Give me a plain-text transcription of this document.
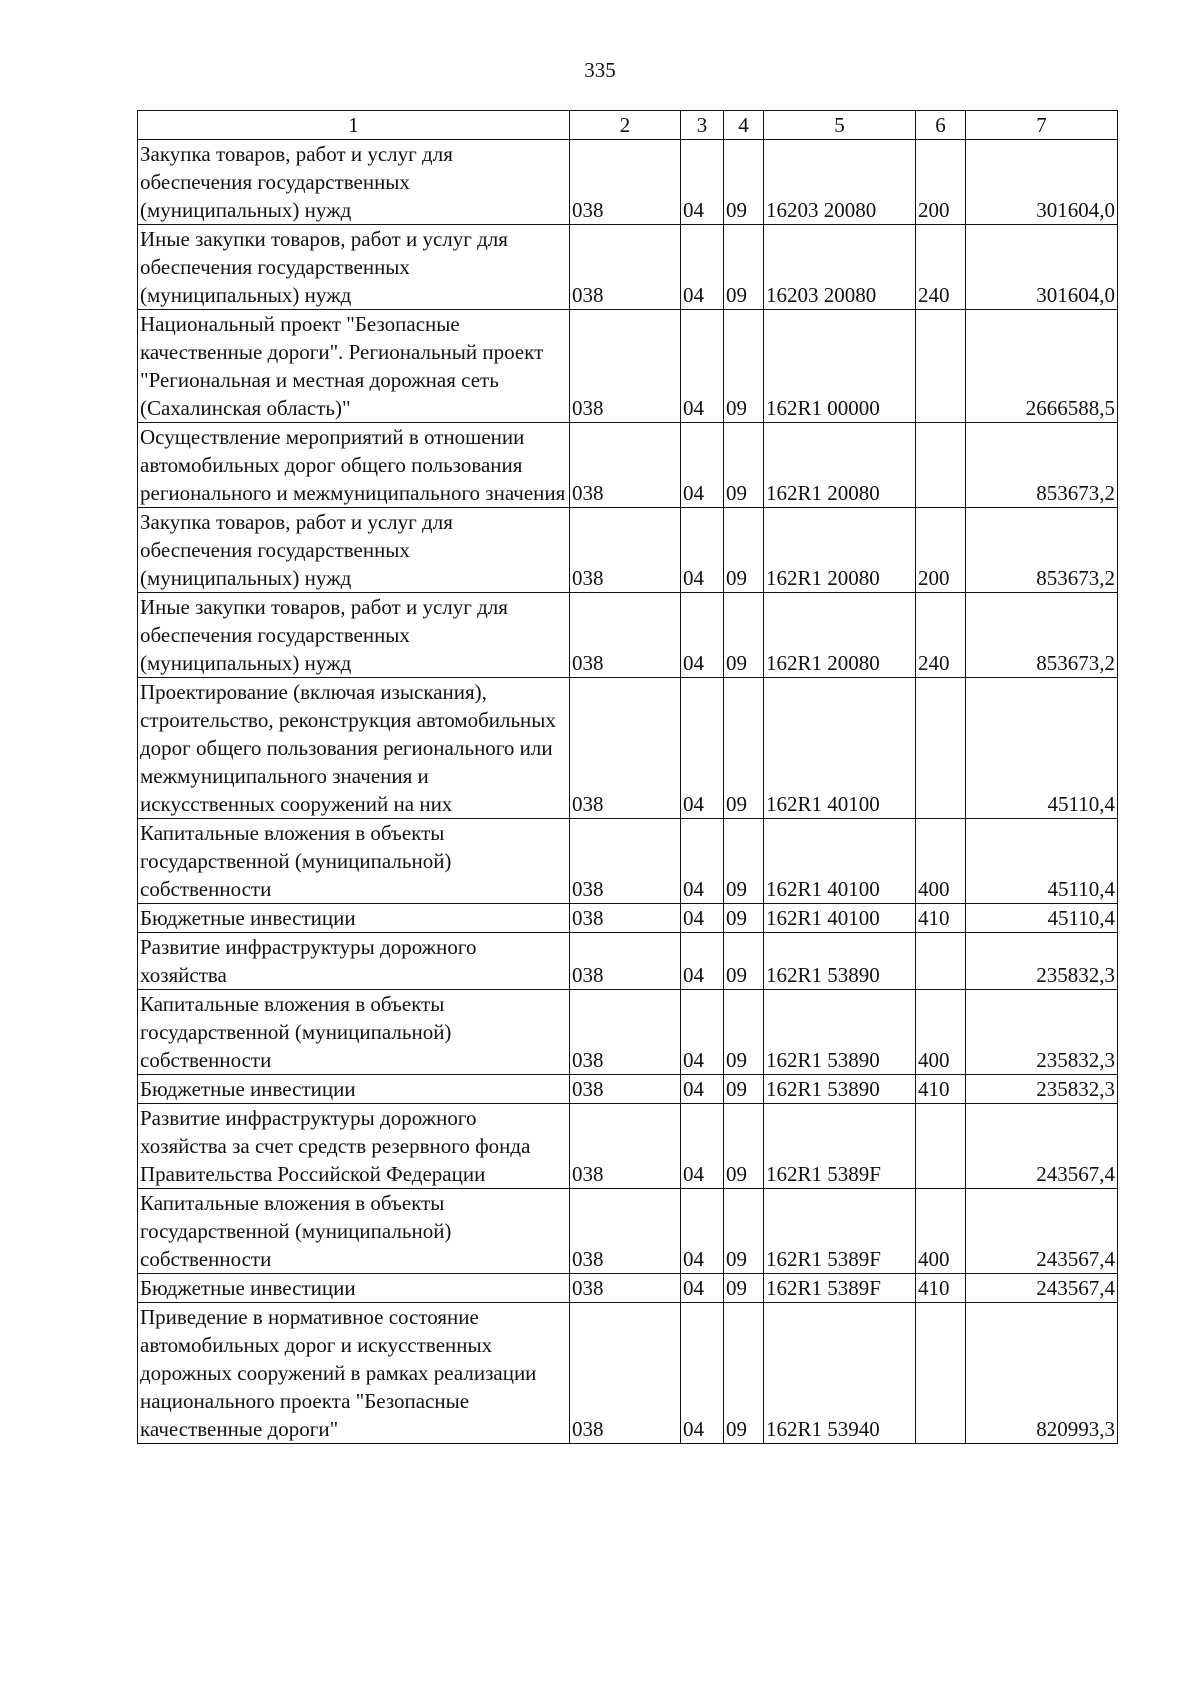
335
1	2	3	4	5	6	7
Закупка товаров, работ и услуг для обеспечения государственных (муниципальных) нужд	038	04	09	16203 20080	200	301604,0
Иные закупки товаров, работ и услуг для обеспечения государственных (муниципальных) нужд	038	04	09	16203 20080	240	301604,0
Национальный проект "Безопасные качественные дороги". Региональный проект "Региональная и местная дорожная сеть (Сахалинская область)"	038	04	09	162R1 00000		2666588,5
Осуществление мероприятий в отношении автомобильных дорог общего пользования регионального и межмуниципального значения	038	04	09	162R1 20080		853673,2
Закупка товаров, работ и услуг для обеспечения государственных (муниципальных) нужд	038	04	09	162R1 20080	200	853673,2
Иные закупки товаров, работ и услуг для обеспечения государственных (муниципальных) нужд	038	04	09	162R1 20080	240	853673,2
Проектирование (включая изыскания), строительство, реконструкция автомобильных дорог общего пользования регионального или межмуниципального значения и искусственных сооружений на них	038	04	09	162R1 40100		45110,4
Капитальные вложения в объекты государственной (муниципальной) собственности	038	04	09	162R1 40100	400	45110,4
Бюджетные инвестиции	038	04	09	162R1 40100	410	45110,4
Развитие инфраструктуры дорожного хозяйства	038	04	09	162R1 53890		235832,3
Капитальные вложения в объекты государственной (муниципальной) собственности	038	04	09	162R1 53890	400	235832,3
Бюджетные инвестиции	038	04	09	162R1 53890	410	235832,3
Развитие инфраструктуры дорожного хозяйства за счет средств резервного фонда Правительства Российской Федерации	038	04	09	162R1 5389F		243567,4
Капитальные вложения в объекты государственной (муниципальной) собственности	038	04	09	162R1 5389F	400	243567,4
Бюджетные инвестиции	038	04	09	162R1 5389F	410	243567,4
Приведение в нормативное состояние автомобильных дорог и искусственных дорожных сооружений в рамках реализации национального проекта "Безопасные качественные дороги"	038	04	09	162R1 53940		820993,3
